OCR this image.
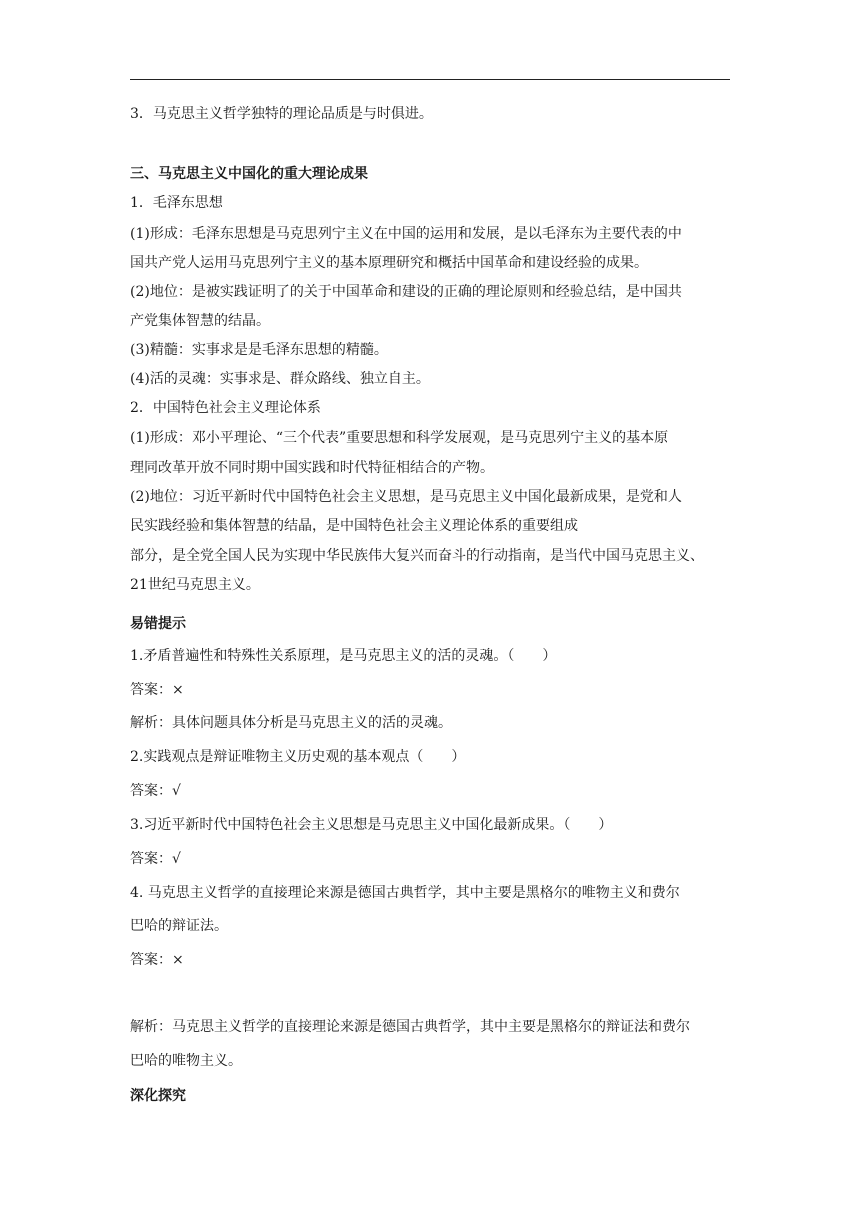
3．马克思主义哲学独特的理论品质是与时俱进。
三、马克思主义中国化的重大理论成果
1．毛泽东思想
(1)形成：毛泽东思想是马克思列宁主义在中国的运用和发展，是以毛泽东为主要代表的中
国共产党人运用马克思列宁主义的基本原理研究和概括中国革命和建设经验的成果。
(2)地位：是被实践证明了的关于中国革命和建设的正确的理论原则和经验总结，是中国共
产党集体智慧的结晶。
(3)精髓：实事求是是毛泽东思想的精髓。
(4)活的灵魂：实事求是、群众路线、独立自主。
2．中国特色社会主义理论体系
(1)形成：邓小平理论、“三个代表”重要思想和科学发展观，是马克思列宁主义的基本原
理同改革开放不同时期中国实践和时代特征相结合的产物。
(2)地位：习近平新时代中国特色社会主义思想，是马克思主义中国化最新成果，是党和人
民实践经验和集体智慧的结晶，是中国特色社会主义理论体系的重要组成
部分，是全党全国人民为实现中华民族伟大复兴而奋斗的行动指南，是当代中国马克思主义、
21世纪马克思主义。
易错提示
1.矛盾普遍性和特殊性关系原理，是马克思主义的活的灵魂。（　　）
答案：×
解析：具体问题具体分析是马克思主义的活的灵魂。
2.实践观点是辩证唯物主义历史观的基本观点（　　）
答案：√
3.习近平新时代中国特色社会主义思想是马克思主义中国化最新成果。（　　）
答案：√
4. 马克思主义哲学的直接理论来源是德国古典哲学，其中主要是黑格尔的唯物主义和费尔
巴哈的辩证法。
答案：×
解析：马克思主义哲学的直接理论来源是德国古典哲学，其中主要是黑格尔的辩证法和费尔
巴哈的唯物主义。
深化探究
